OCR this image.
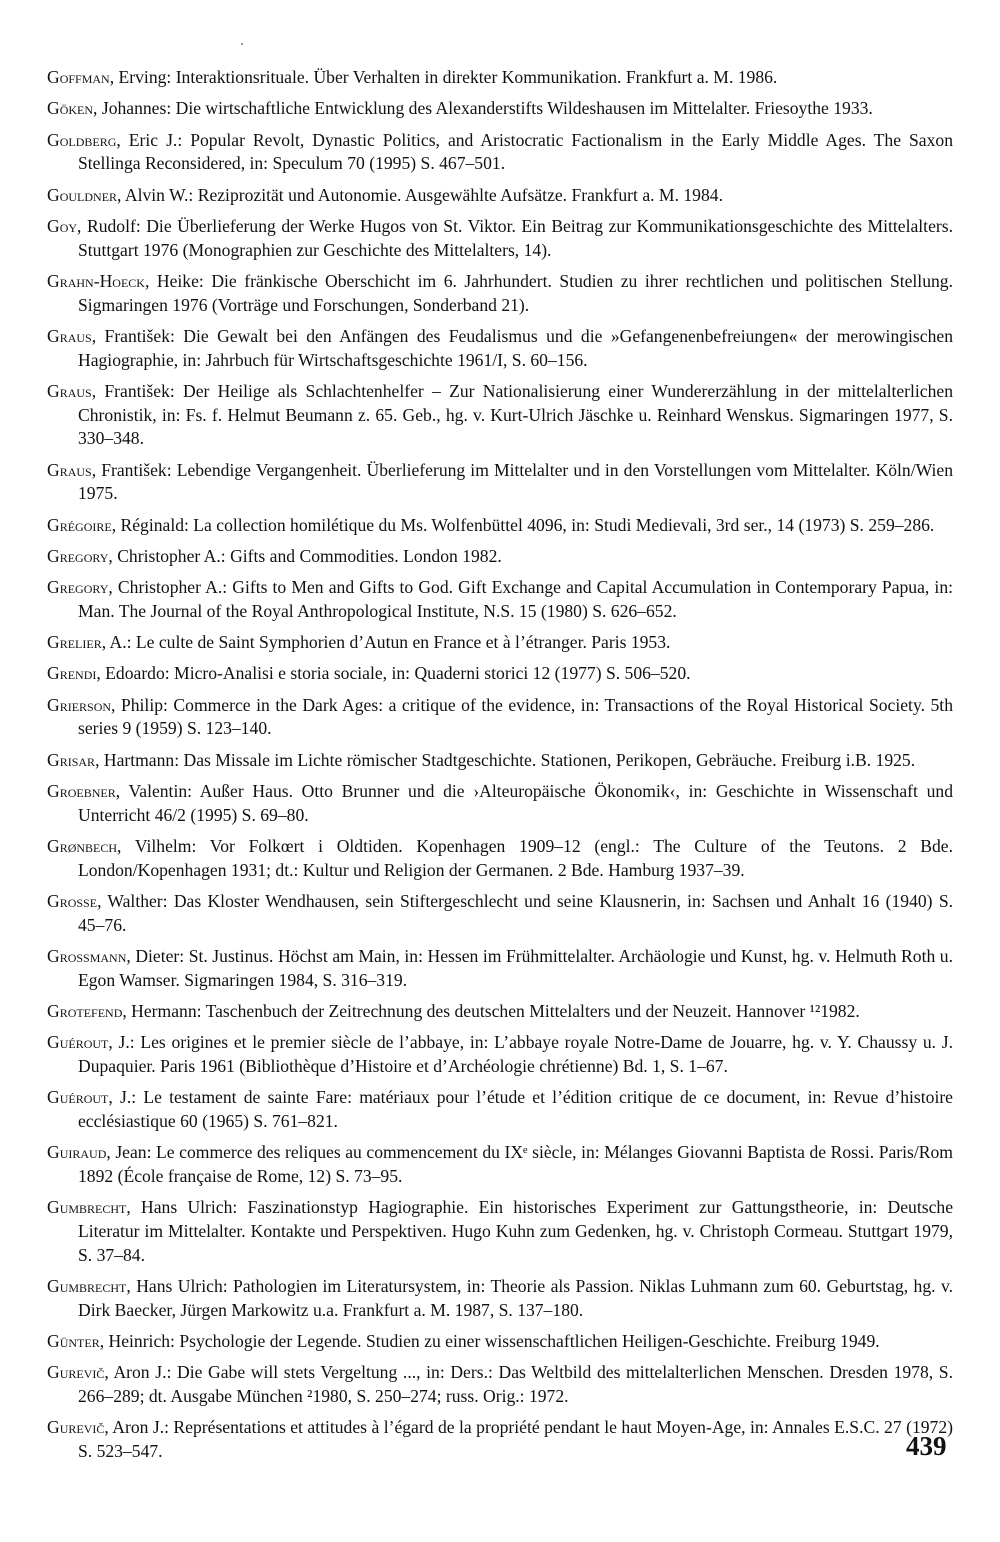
Goffman, Erving: Interaktionsrituale. Über Verhalten in direkter Kommunikation. Frankfurt a. M. 1986.

Göken, Johannes: Die wirtschaftliche Entwicklung des Alexanderstifts Wildeshausen im Mittelalter. Friesoythe 1933.

Goldberg, Eric J.: Popular Revolt, Dynastic Politics, and Aristocratic Factionalism in the Early Middle Ages. The Saxon Stellinga Reconsidered, in: Speculum 70 (1995) S. 467–501.

Gouldner, Alvin W.: Reziprozität und Autonomie. Ausgewählte Aufsätze. Frankfurt a. M. 1984.

Goy, Rudolf: Die Überlieferung der Werke Hugos von St. Viktor. Ein Beitrag zur Kommunikationsgeschichte des Mittelalters. Stuttgart 1976 (Monographien zur Geschichte des Mittelalters, 14).

Grahn-Hoeck, Heike: Die fränkische Oberschicht im 6. Jahrhundert. Studien zu ihrer rechtlichen und politischen Stellung. Sigmaringen 1976 (Vorträge und Forschungen, Sonderband 21).

Graus, František: Die Gewalt bei den Anfängen des Feudalismus und die »Gefangenenbefreiungen« der merowingischen Hagiographie, in: Jahrbuch für Wirtschaftsgeschichte 1961/I, S. 60–156.

Graus, František: Der Heilige als Schlachtenhelfer – Zur Nationalisierung einer Wundererzählung in der mittelalterlichen Chronistik, in: Fs. f. Helmut Beumann z. 65. Geb., hg. v. Kurt-Ulrich Jäschke u. Reinhard Wenskus. Sigmaringen 1977, S. 330–348.

Graus, František: Lebendige Vergangenheit. Überlieferung im Mittelalter und in den Vorstellungen vom Mittelalter. Köln/Wien 1975.

Grégoire, Réginald: La collection homilétique du Ms. Wolfenbüttel 4096, in: Studi Medievali, 3rd ser., 14 (1973) S. 259–286.

Gregory, Christopher A.: Gifts and Commodities. London 1982.

Gregory, Christopher A.: Gifts to Men and Gifts to God. Gift Exchange and Capital Accumulation in Contemporary Papua, in: Man. The Journal of the Royal Anthropological Institute, N.S. 15 (1980) S. 626–652.

Grelier, A.: Le culte de Saint Symphorien d’Autun en France et à l’étranger. Paris 1953.

Grendi, Edoardo: Micro-Analisi e storia sociale, in: Quaderni storici 12 (1977) S. 506–520.

Grierson, Philip: Commerce in the Dark Ages: a critique of the evidence, in: Transactions of the Royal Historical Society. 5th series 9 (1959) S. 123–140.

Grisar, Hartmann: Das Missale im Lichte römischer Stadtgeschichte. Stationen, Perikopen, Gebräuche. Freiburg i.B. 1925.

Groebner, Valentin: Außer Haus. Otto Brunner und die ›Alteuropäische Ökonomik‹, in: Geschichte in Wissenschaft und Unterricht 46/2 (1995) S. 69–80.

Grønbech, Vilhelm: Vor Folkœrt i Oldtiden. Kopenhagen 1909–12 (engl.: The Culture of the Teutons. 2 Bde. London/Kopenhagen 1931; dt.: Kultur und Religion der Germanen. 2 Bde. Hamburg 1937–39.

Grosse, Walther: Das Kloster Wendhausen, sein Stiftergeschlecht und seine Klausnerin, in: Sachsen und Anhalt 16 (1940) S. 45–76.

Grossmann, Dieter: St. Justinus. Höchst am Main, in: Hessen im Frühmittelalter. Archäologie und Kunst, hg. v. Helmuth Roth u. Egon Wamser. Sigmaringen 1984, S. 316–319.

Grotefend, Hermann: Taschenbuch der Zeitrechnung des deutschen Mittelalters und der Neuzeit. Hannover ¹²1982.

Guérout, J.: Les origines et le premier siècle de l’abbaye, in: L’abbaye royale Notre-Dame de Jouarre, hg. v. Y. Chaussy u. J. Dupaquier. Paris 1961 (Bibliothèque d’Histoire et d’Archéologie chrétienne) Bd. 1, S. 1–67.

Guérout, J.: Le testament de sainte Fare: matériaux pour l’étude et l’édition critique de ce document, in: Revue d’histoire ecclésiastique 60 (1965) S. 761–821.

Guiraud, Jean: Le commerce des reliques au commencement du IXᵉ siècle, in: Mélanges Giovanni Baptista de Rossi. Paris/Rom 1892 (École française de Rome, 12) S. 73–95.

Gumbrecht, Hans Ulrich: Faszinationstyp Hagiographie. Ein historisches Experiment zur Gattungstheorie, in: Deutsche Literatur im Mittelalter. Kontakte und Perspektiven. Hugo Kuhn zum Gedenken, hg. v. Christoph Cormeau. Stuttgart 1979, S. 37–84.

Gumbrecht, Hans Ulrich: Pathologien im Literatursystem, in: Theorie als Passion. Niklas Luhmann zum 60. Geburtstag, hg. v. Dirk Baecker, Jürgen Markowitz u.a. Frankfurt a. M. 1987, S. 137–180.

Günter, Heinrich: Psychologie der Legende. Studien zu einer wissenschaftlichen Heiligen-Geschichte. Freiburg 1949.

Gurevič, Aron J.: Die Gabe will stets Vergeltung ..., in: Ders.: Das Weltbild des mittelalterlichen Menschen. Dresden 1978, S. 266–289; dt. Ausgabe München ²1980, S. 250–274; russ. Orig.: 1972.

Gurevič, Aron J.: Représentations et attitudes à l’égard de la propriété pendant le haut Moyen-Age, in: Annales E.S.C. 27 (1972) S. 523–547.	439
